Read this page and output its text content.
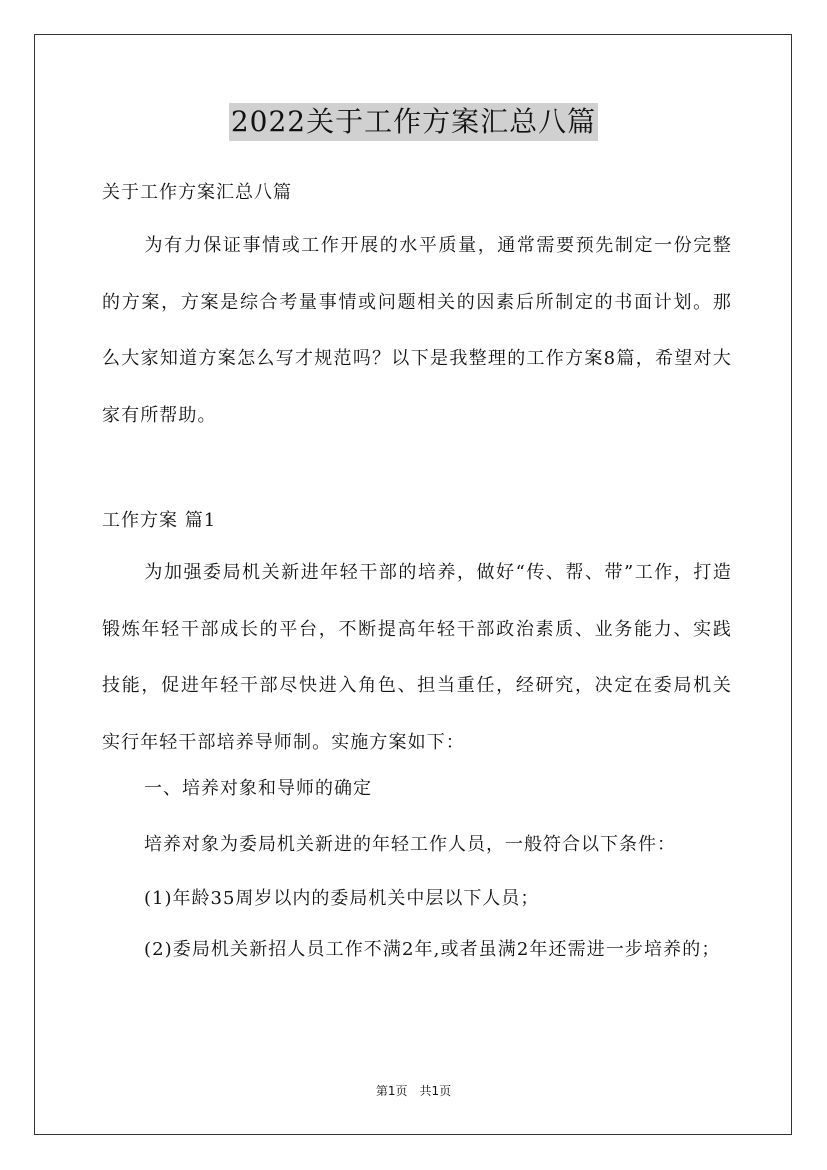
2022关于工作方案汇总八篇
关于工作方案汇总八篇

为有力保证事情或工作开展的水平质量，通常需要预先制定一份完整的方案，方案是综合考量事情或问题相关的因素后所制定的书面计划。那么大家知道方案怎么写才规范吗？以下是我整理的工作方案8篇，希望对大家有所帮助。

工作方案 篇1

为加强委局机关新进年轻干部的培养，做好“传、帮、带”工作，打造锻炼年轻干部成长的平台，不断提高年轻干部政治素质、业务能力、实践技能，促进年轻干部尽快进入角色、担当重任，经研究，决定在委局机关实行年轻干部培养导师制。实施方案如下：

一、培养对象和导师的确定
培养对象为委局机关新进的年轻工作人员，一般符合以下条件：
(1)年龄35周岁以内的委局机关中层以下人员；

(2)委局机关新招人员工作不满2年,或者虽满2年还需进一步培养的；

第1页　共1页
